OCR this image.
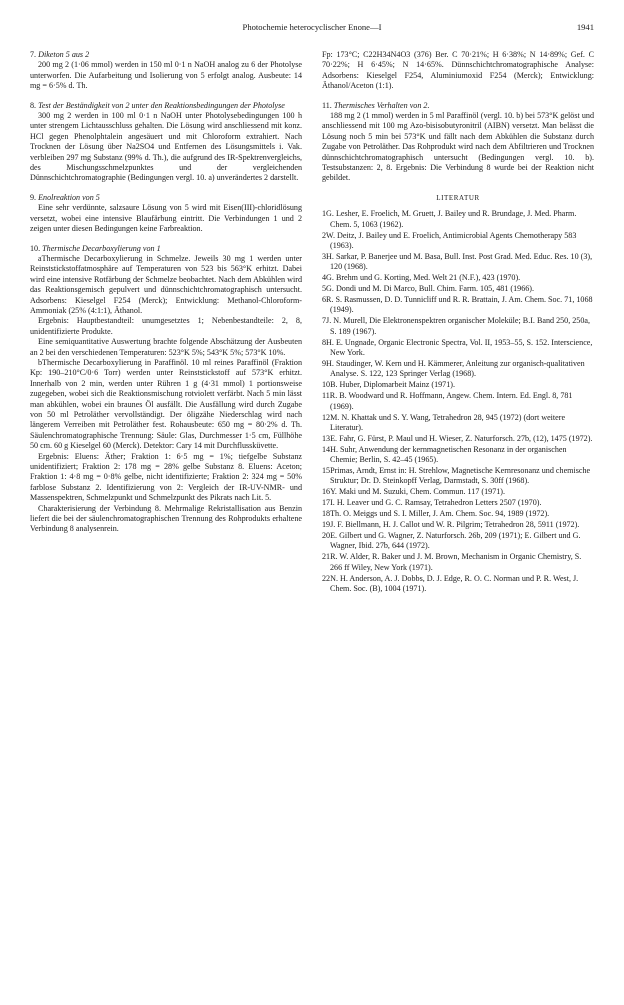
Photochemie heterocyclischer Enone—I	1941
7. Diketon 5 aus 2

200 mg 2 (1·06 mmol) werden in 150 ml 0·1 n NaOH analog zu 6 der Photolyse unterworfen. Die Aufarbeitung und Isolierung von 5 erfolgt analog. Ausbeute: 14 mg = 6·5% d. Th.

8. Test der Beständigkeit von 2 unter den Reaktionsbedingungen der Photolyse

300 mg 2 werden in 100 ml 0·1 n NaOH unter Photolysebedingungen 100 h unter strengem Lichtausschluss gehalten. Die Lösung wird anschliessend mit konz. HCl gegen Phenolphtalein angesäuert und mit Chloroform extrahiert. Nach Trocknen der Lösung über Na2SO4 und Entfernen des Lösungsmittels i. Vak. verbleiben 297 mg Substanz (99% d. Th.), die aufgrund des IR-Spektrenvergleichs, des Mischungsschmelzpunktes und der vergleichenden Dünnschichtchromatographie (Bedingungen vergl. 10. a) unverändertes 2 darstellt.

9. Enolreaktion von 5

Eine sehr verdünnte, salzsaure Lösung von 5 wird mit Eisen(III)-chloridlösung versetzt, wobei eine intensive Blaufärbung eintritt. Die Verbindungen 1 und 2 zeigen unter diesen Bedingungen keine Farbreaktion.

10. Thermische Decarboxylierung von 1

aThermische Decarboxylierung in Schmelze. Jeweils 30 mg 1 werden unter Reinststickstoffatmosphäre auf Temperaturen von 523 bis 563°K erhitzt. Dabei wird eine intensive Rotfärbung der Schmelze beobachtet. Nach dem Abkühlen wird das Reaktionsgemisch gepulvert und dünnschichtchromatographisch untersucht. Adsorbens: Kieselgel F254 (Merck); Entwicklung: Methanol-Chloroform-Ammoniak (25% (4:1:1), Äthanol.

Ergebnis: Hauptbestandteil: unumgesetztes 1; Nebenbestandteile: 2, 8, unidentifizierte Produkte.

Eine semiquantitative Auswertung brachte folgende Abschätzung der Ausbeuten an 2 bei den verschiedenen Temperaturen: 523°K 5%; 543°K 5%; 573°K 10%.

bThermische Decarboxylierung in Paraffinöl. 10 ml reines Paraffinöl (Fraktion Kp: 190–210°C/0·6 Torr) werden unter Reinststickstoff auf 573°K erhitzt. Innerhalb von 2 min, werden unter Rühren 1 g (4·31 mmol) 1 portionsweise zugegeben, wobei sich die Reaktionsmischung rotviolett verfärbt. Nach 5 min lässt man abkühlen, wobei ein braunes Öl ausfällt. Die Ausfällung wird durch Zugabe von 50 ml Petroläther vervollständigt. Der öligzähe Niederschlag wird nach längerem Verreiben mit Petroläther fest. Rohausbeute: 650 mg = 80·2% d. Th. Säulenchromatographische Trennung: Säule: Glas, Durchmesser 1·5 cm, Füllhöhe 50 cm. 60 g Kieselgel 60 (Merck). Detektor: Cary 14 mit Durchflussküvette.

Ergebnis: Eluens: Äther; Fraktion 1: 6·5 mg = 1%; tiefgelbe Substanz unidentifiziert; Fraktion 2: 178 mg = 28% gelbe Substanz 8. Eluens: Aceton; Fraktion 1: 4·8 mg = 0·8% gelbe, nicht identifizierte; Fraktion 2: 324 mg = 50% farblose Substanz 2. Identifizierung von 2: Vergleich der IR-UV-NMR- und Massenspektren, Schmelzpunkt und Schmelzpunkt des Pikrats nach Lit. 5.

Charakterisierung der Verbindung 8. Mehrmalige Rekristallisation aus Benzin liefert die bei der säulenchromatographischen Trennung des Rohprodukts erhaltene Verbindung 8 analysenrein.

Fp: 173°C; C22H34N4O3 (376) Ber. C 70·21%; H 6·38%; N 14·89%; Gef. C 70·22%; H 6·45%; N 14·65%. Dünnschichtchromatographische Analyse: Adsorbens: Kieselgel F254, Aluminiumoxid F254 (Merck); Entwicklung: Äthanol/Aceton (1:1).

11. Thermisches Verhalten von 2.

188 mg 2 (1 mmol) werden in 5 ml Paraffinöl (vergl. 10. b) bei 573°K gelöst und anschliessend mit 100 mg Azo-bisisobutyronitril (AIBN) versetzt. Man belässt die Lösung noch 5 min bei 573°K und fällt nach dem Abkühlen die Substanz durch Zugabe von Petroläther. Das Rohprodukt wird nach dem Abfiltrieren und Trocknen dünnschichtchromatographisch untersucht (Bedingungen vergl. 10. b). Testsubstanzen: 2, 8. Ergebnis: Die Verbindung 8 wurde bei der Reaktion nicht gebildet.

LITERATUR
1G. Lesher, E. Froelich, M. Gruett, J. Bailey und R. Brundage, J. Med. Pharm. Chem. 5, 1063 (1962).
2W. Deitz, J. Bailey und E. Froelich, Antimicrobial Agents Chemotherapy 583 (1963).
3H. Sarkar, P. Banerjee und M. Basa, Bull. Inst. Post Grad. Med. Educ. Res. 10 (3), 120 (1968).
4G. Brehm und G. Korting, Med. Welt 21 (N.F.), 423 (1970).
5G. Dondi und M. Di Marco, Bull. Chim. Farm. 105, 481 (1966).
6R. S. Rasmussen, D. D. Tunnicliff und R. R. Brattain, J. Am. Chem. Soc. 71, 1068 (1949).
7J. N. Murell, Die Elektronenspektren organischer Moleküle; B.I. Band 250, 250a, S. 189 (1967).
8H. E. Ungnade, Organic Electronic Spectra, Vol. II, 1953–55, S. 152. Interscience, New York.
9H. Staudinger, W. Kern und H. Kämmerer, Anleitung zur organisch-qualitativen Analyse. S. 122, 123 Springer Verlag (1968).
10B. Huber, Diplomarbeit Mainz (1971).
11R. B. Woodward und R. Hoffmann, Angew. Chem. Intern. Ed. Engl. 8, 781 (1969).
12M. N. Khattak und S. Y. Wang, Tetrahedron 28, 945 (1972) (dort weitere Literatur).
13E. Fahr, G. Fürst, P. Maul und H. Wieser, Z. Naturforsch. 27b, (12), 1475 (1972).
14H. Suhr, Anwendung der kernmagnetischen Resonanz in der organischen Chemie; Berlin, S. 42–45 (1965).
15Primas, Arndt, Ernst in: H. Strehlow, Magnetische Kernresonanz und chemische Struktur; Dr. D. Steinkopff Verlag, Darmstadt, S. 30ff (1968).
16Y. Maki und M. Suzuki, Chem. Commun. 117 (1971).
17I. H. Leaver und G. C. Ramsay, Tetrahedron Letters 2507 (1970).
18Th. O. Meiggs und S. I. Miller, J. Am. Chem. Soc. 94, 1989 (1972).
19J. F. Biellmann, H. J. Callot und W. R. Pilgrim; Tetrahedron 28, 5911 (1972).
20E. Gilbert und G. Wagner, Z. Naturforsch. 26b, 209 (1971); E. Gilbert und G. Wagner, Ibid. 27b, 644 (1972).
21R. W. Alder, R. Baker und J. M. Brown, Mechanism in Organic Chemistry, S. 266 ff Wiley, New York (1971).
22N. H. Anderson, A. J. Dobbs, D. J. Edge, R. O. C. Norman und P. R. West, J. Chem. Soc. (B), 1004 (1971).
